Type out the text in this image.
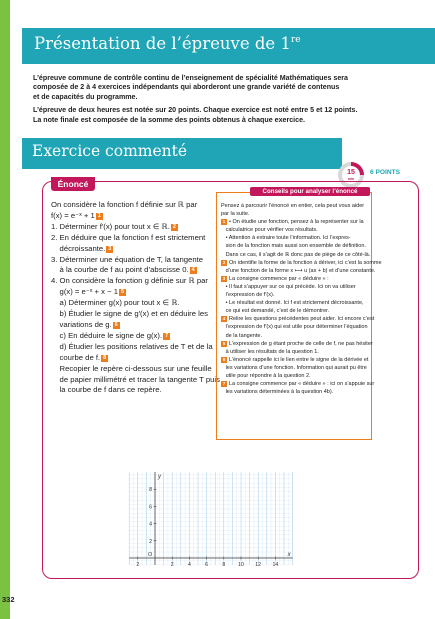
Présentation de l’épreuve de 1re

L’épreuve commune de contrôle continu de l’enseignement de spécialité Mathématiques sera
composée de 2 à 4 exercices indépendants qui aborderont une grande variété de contenus
et de capacités du programme.

L’épreuve de deux heures est notée sur 20 points. Chaque exercice est noté entre 5 et 12 points.
La note finale est composée de la somme des points obtenus à chaque exercice.

Exercice commenté
15
min
6 POINTS
Énoncé
On considère la fonction f définie sur ℝ par
f(x) = e⁻ˣ + 1 1
1. Déterminer f′(x) pour tout x ∈ ℝ. 2
2. En déduire que la fonction f est strictement
décroissante. 3
3. Déterminer une équation de T, la tangente
à la courbe de f au point d’abscisse 0. 4
4. On considère la fonction g définie sur ℝ par
g(x) = e⁻ˣ + x − 1 5
a) Déterminer g(x) pour tout x ∈ ℝ.
b) Étudier le signe de g′(x) et en déduire les
variations de g. 6
c) En déduire le signe de g(x). 7
d) Étudier les positions relatives de T et de la
courbe de f. 8
Recopier le repère ci-dessous sur une feuille
de papier millimétré et tracer la tangente T puis
la courbe de f dans ce repère.
Conseils pour analyser l’énoncé
Pensez à parcourir l’énoncé en entier, cela peut vous aider
par la suite.
1 • On étudie une fonction, pensez à la représenter sur la
calculatrice pour vérifier vos résultats.
• Attention à extraire toute l’information. Ici l’expres-
sion de la fonction mais aussi son ensemble de définition.
Dans ce cas, il s’agit de ℝ donc pas de piège de ce côté-là.
2 On identifie la forme de la fonction à dériver, ici c’est la somme
d’une fonction de la forme x ⟼ u (ax + b) et d’une constante.
3 La consigne commence par « déduire » :
• Il faut s’appuyer sur ce qui précède. Ici on va utiliser
l’expression de f′(x).
• Le résultat est donné. Ici f est strictement décroissante,
ce qui est demandé, c’est de le démontrer.
4 Relire les questions précédentes peut aider. Ici encore c’est
l’expression de f′(x) qui est utile pour déterminer l’équation
de la tangente.
5 L’expression de g étant proche de celle de f, ne pas hésiter
à utiliser les résultats de la question 1.
6 L’énoncé rappelle ici le lien entre le signe de la dérivée et
les variations d’une fonction. Information qui aurait pu être
utile pour répondre à la question 2.
7 La consigne commence par « déduire » : ici on s’appuie sur
les variations déterminées à la question 4b).
x
y
O
2	2	4	6	8 10 12 14
2
4
6
8
332
